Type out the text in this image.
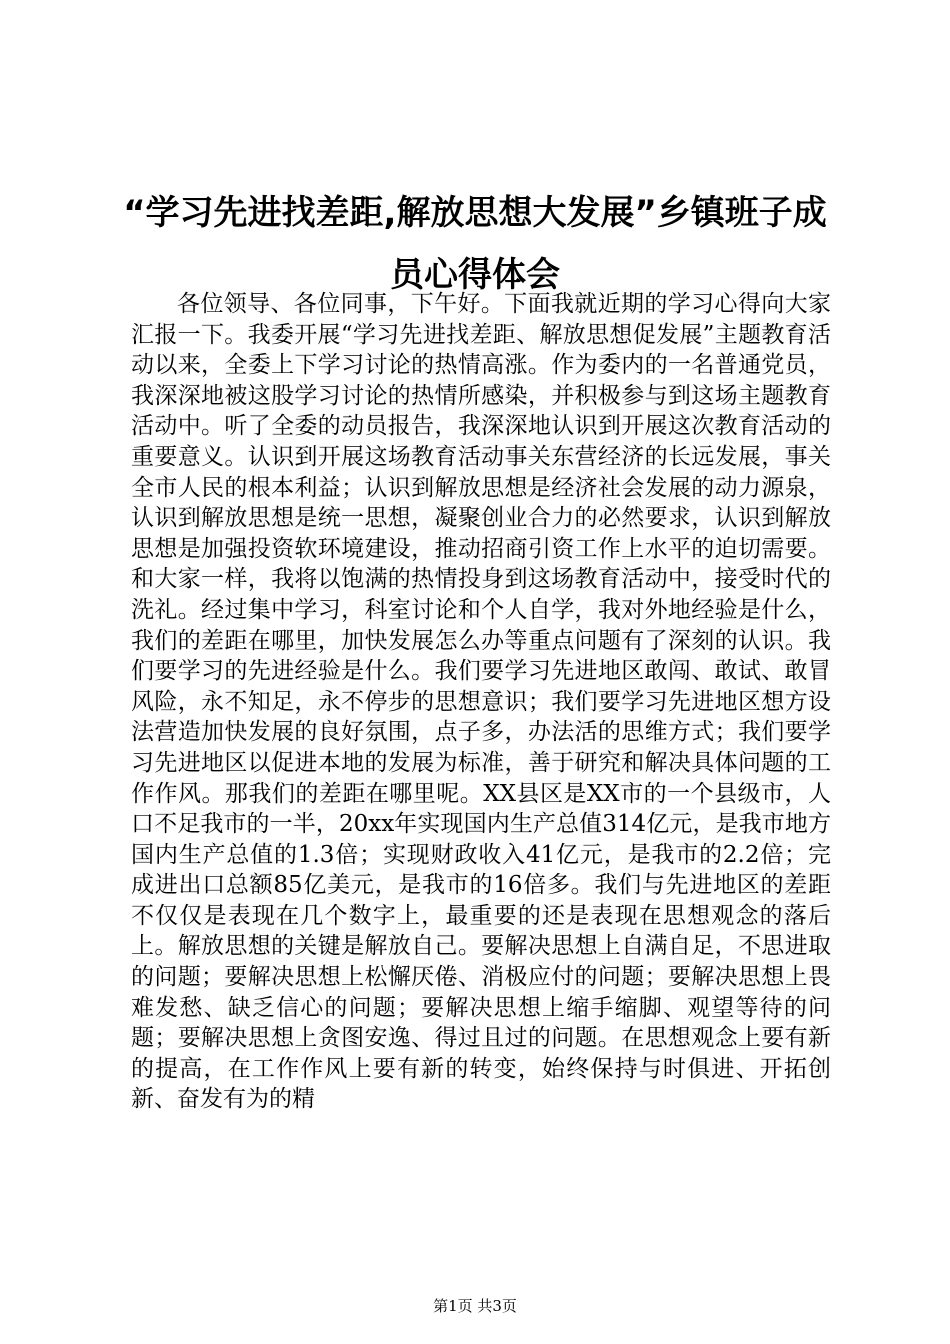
“学习先进找差距,解放思想大发展”乡镇班子成员心得体会

各位领导、各位同事，下午好。下面我就近期的学习心得向大家汇报一下。我委开展“学习先进找差距、解放思想促发展”主题教育活动以来，全委上下学习讨论的热情高涨。作为委内的一名普通党员，我深深地被这股学习讨论的热情所感染，并积极参与到这场主题教育活动中。听了全委的动员报告，我深深地认识到开展这次教育活动的重要意义。认识到开展这场教育活动事关东营经济的长远发展，事关全市人民的根本利益；认识到解放思想是经济社会发展的动力源泉，认识到解放思想是统一思想，凝聚创业合力的必然要求，认识到解放思想是加强投资软环境建设，推动招商引资工作上水平的迫切需要。和大家一样，我将以饱满的热情投身到这场教育活动中，接受时代的洗礼。经过集中学习，科室讨论和个人自学，我对外地经验是什么，我们的差距在哪里，加快发展怎么办等重点问题有了深刻的认识。我们要学习的先进经验是什么。我们要学习先进地区敢闯、敢试、敢冒风险，永不知足，永不停步的思想意识；我们要学习先进地区想方设法营造加快发展的良好氛围，点子多，办法活的思维方式；我们要学习先进地区以促进本地的发展为标准，善于研究和解决具体问题的工作作风。那我们的差距在哪里呢。XX县区是XX市的一个县级市，人口不足我市的一半，20xx年实现国内生产总值314亿元，是我市地方国内生产总值的1.3倍；实现财政收入41亿元，是我市的2.2倍；完成进出口总额85亿美元，是我市的16倍多。我们与先进地区的差距不仅仅是表现在几个数字上，最重要的还是表现在思想观念的落后上。解放思想的关键是解放自己。要解决思想上自满自足，不思进取的问题；要解决思想上松懈厌倦、消极应付的问题；要解决思想上畏难发愁、缺乏信心的问题；要解决思想上缩手缩脚、观望等待的问题；要解决思想上贪图安逸、得过且过的问题。在思想观念上要有新的提高，在工作作风上要有新的转变，始终保持与时俱进、开拓创新、奋发有为的精

第1页 共3页
